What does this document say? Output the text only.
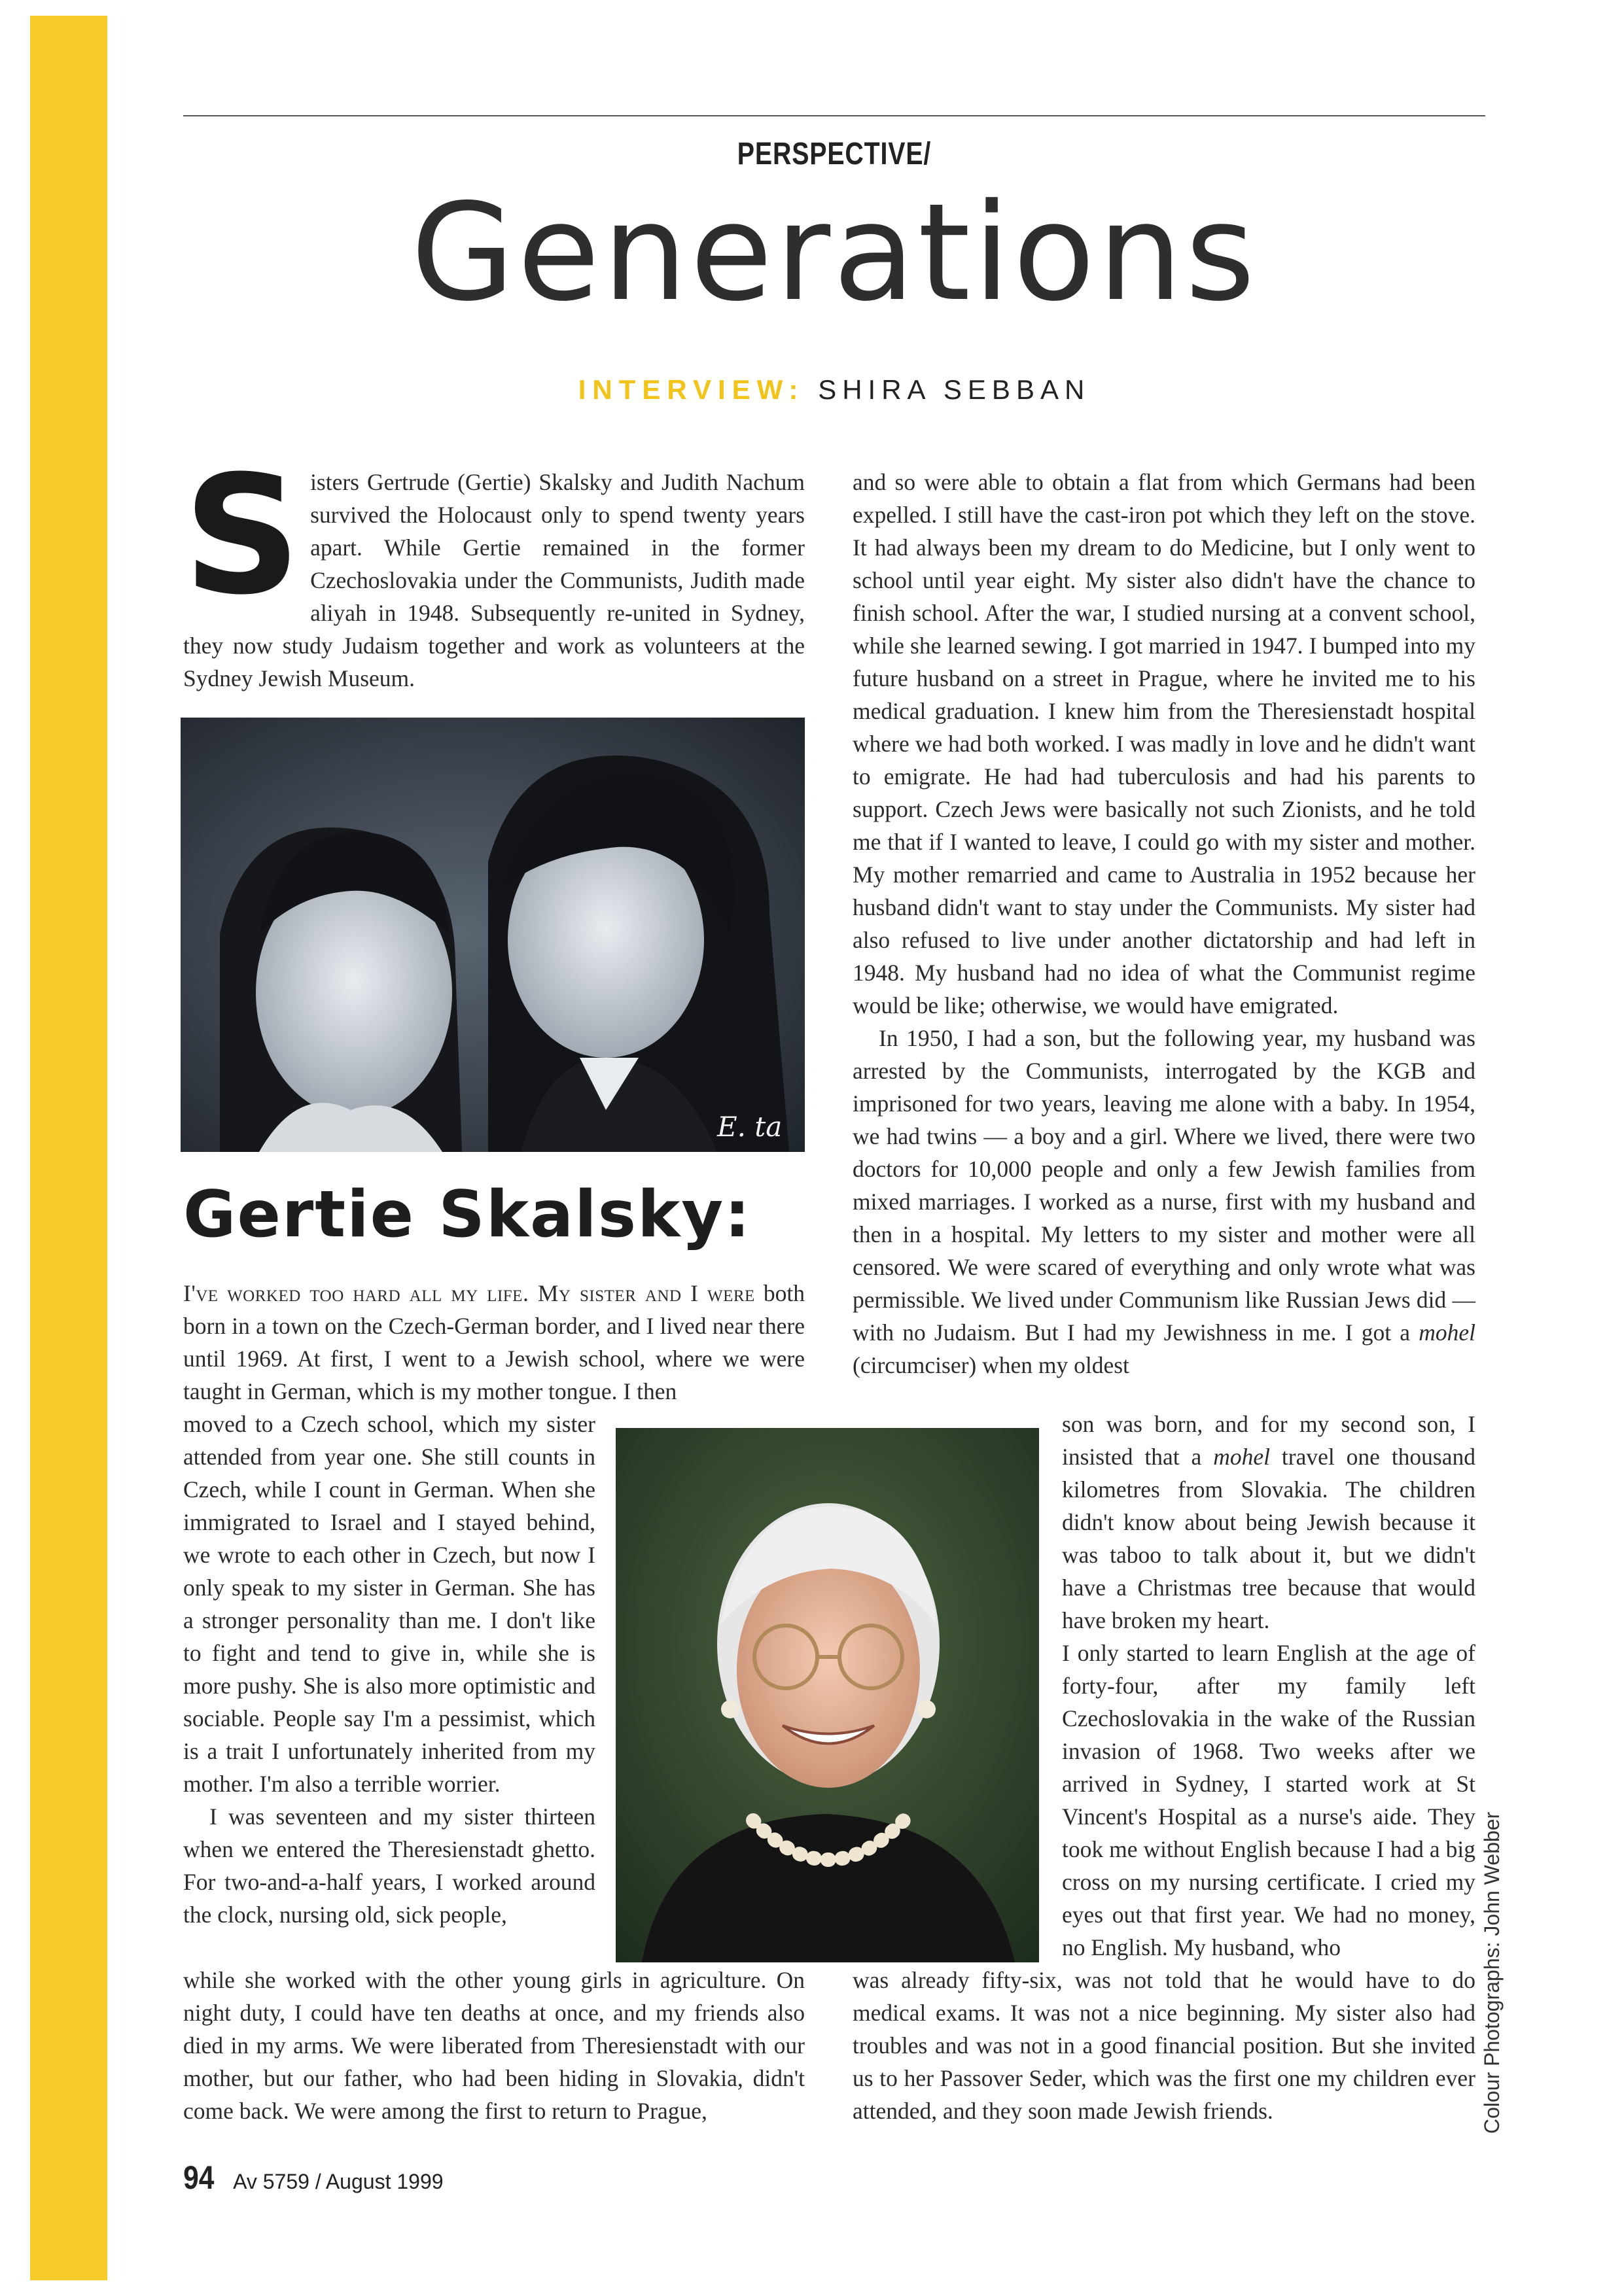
PERSPECTIVE/
Generations
INTERVIEW: SHIRA SEBBAN
S isters Gertrude (Gertie) Skalsky and Judith Nachum survived the Holocaust only to spend twenty years apart. While Gertie remained in the former Czechoslovakia under the Communists, Judith made aliyah in 1948. Subsequently re-united in Sydney, they now study Judaism together and work as volunteers at the Sydney Jewish Museum.

E. ta
Gertie Skalsky:

I've worked too hard all my life. My sister and I were both born in a town on the Czech-German border, and I lived near there until 1969. At first, I went to a Jewish school, where we were taught in German, which is my mother tongue. I then

moved to a Czech school, which my sister attended from year one. She still counts in Czech, while I count in German. When she immigrated to Israel and I stayed behind, we wrote to each other in Czech, but now I only speak to my sister in German. She has a stronger personality than me. I don't like to fight and tend to give in, while she is more pushy. She is also more optimistic and sociable. People say I'm a pessimist, which is a trait I unfortunately inherited from my mother. I'm also a terrible worrier.

I was seventeen and my sister thirteen when we entered the Theresienstadt ghetto. For two-and-a-half years, I worked around the clock, nursing old, sick people,

while she worked with the other young girls in agriculture. On night duty, I could have ten deaths at once, and my friends also died in my arms. We were liberated from Theresienstadt with our mother, but our father, who had been hiding in Slovakia, didn't come back. We were among the first to return to Prague,

and so were able to obtain a flat from which Germans had been expelled. I still have the cast-iron pot which they left on the stove. It had always been my dream to do Medicine, but I only went to school until year eight. My sister also didn't have the chance to finish school. After the war, I studied nursing at a convent school, while she learned sewing. I got married in 1947. I bumped into my future husband on a street in Prague, where he invited me to his medical graduation. I knew him from the Theresienstadt hospital where we had both worked. I was madly in love and he didn't want to emigrate. He had had tuberculosis and had his parents to support. Czech Jews were basically not such Zionists, and he told me that if I wanted to leave, I could go with my sister and mother. My mother remarried and came to Australia in 1952 because her husband didn't want to stay under the Communists. My sister had also refused to live under another dictatorship and had left in 1948. My husband had no idea of what the Communist regime would be like; otherwise, we would have emigrated.

In 1950, I had a son, but the following year, my husband was arrested by the Communists, interrogated by the KGB and imprisoned for two years, leaving me alone with a baby. In 1954, we had twins — a boy and a girl. Where we lived, there were two doctors for 10,000 people and only a few Jewish families from mixed marriages. I worked as a nurse, first with my husband and then in a hospital. My letters to my sister and mother were all censored. We were scared of everything and only wrote what was permissible. We lived under Communism like Russian Jews did — with no Judaism. But I had my Jewishness in me. I got a mohel (circumciser) when my oldest

son was born, and for my second son, I insisted that a mohel travel one thousand kilometres from Slovakia. The children didn't know about being Jewish because it was taboo to talk about it, but we didn't have a Christmas tree because that would have broken my heart.

I only started to learn English at the age of forty-four, after my family left Czechoslovakia in the wake of the Russian invasion of 1968. Two weeks after we arrived in Sydney, I started work at St Vincent's Hospital as a nurse's aide. They took me without English because I had a big cross on my nursing certificate. I cried my eyes out that first year. We had no money, no English. My husband, who

was already fifty-six, was not told that he would have to do medical exams. It was not a nice beginning. My sister also had troubles and was not in a good financial position. But she invited us to her Passover Seder, which was the first one my children ever attended, and they soon made Jewish friends.	Colour Photographs: John Webber
94 Av 5759 / August 1999
